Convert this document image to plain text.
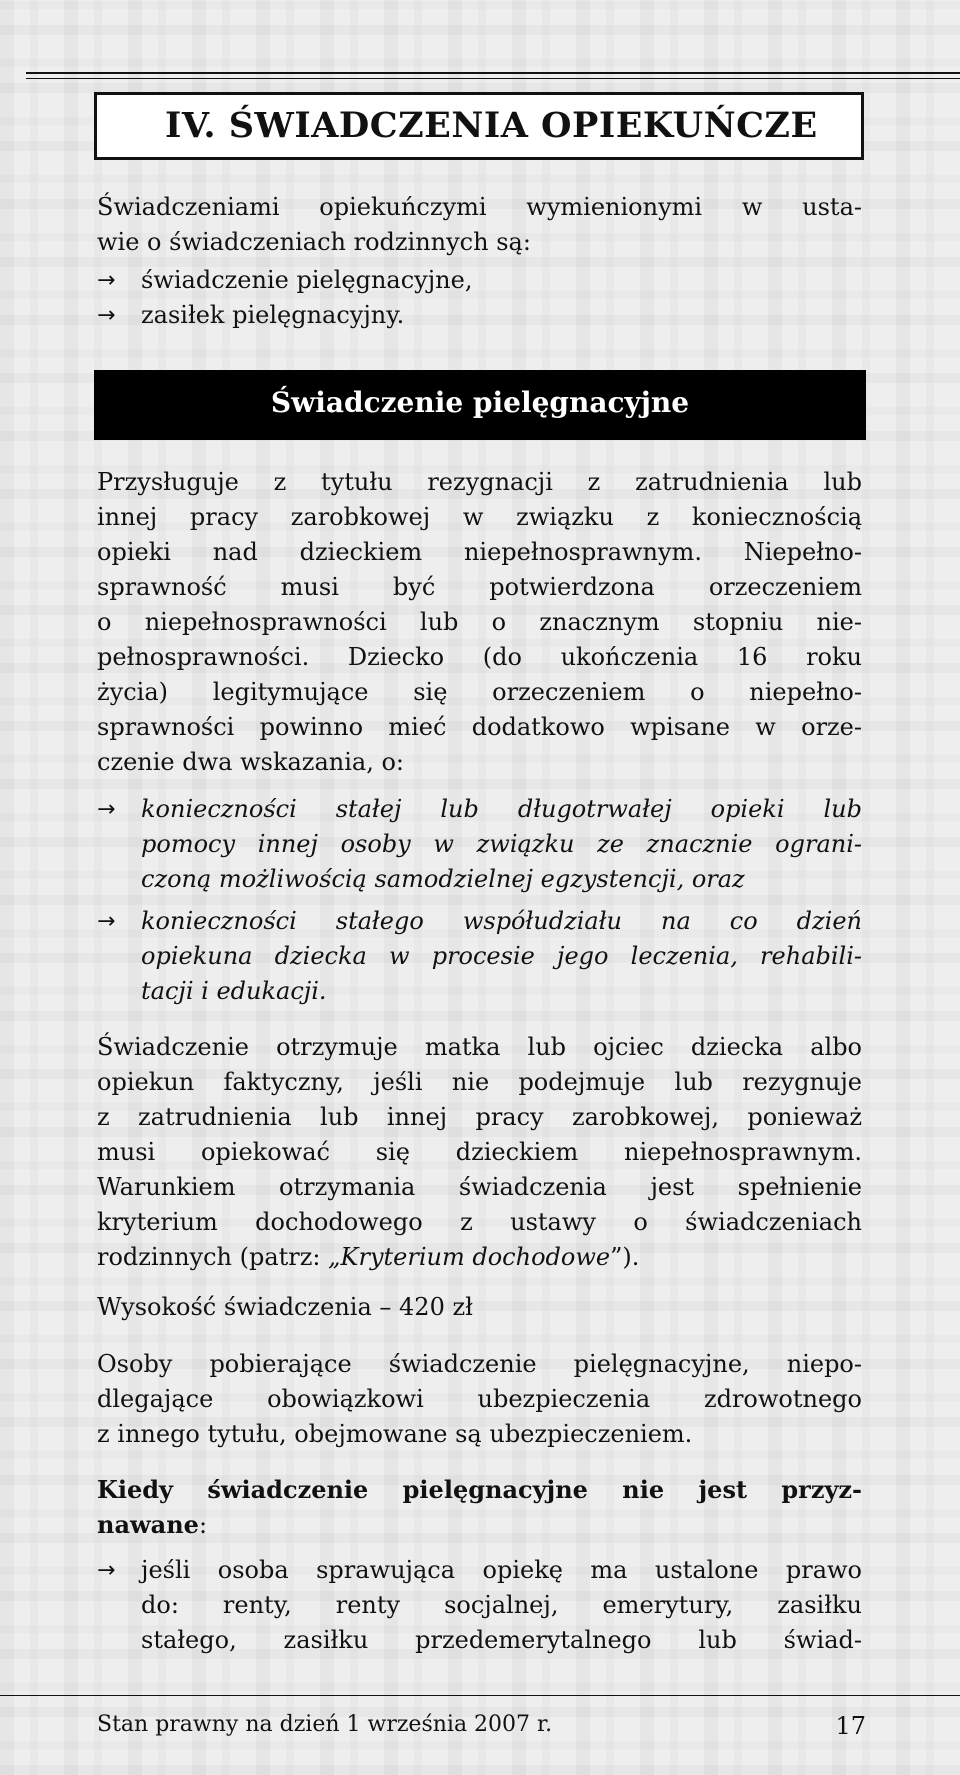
IV. ŚWIADCZENIA OPIEKUŃCZE
Świadczeniami opiekuńczymi wymienionymi w usta-
wie o świadczeniach rodzinnych są:
→	świadczenie pielęgnacyjne,
→	zasiłek pielęgnacyjny.
Świadczenie pielęgnacyjne
Przysługuje z tytułu rezygnacji z zatrudnienia lub
innej pracy zarobkowej w związku z koniecznością
opieki nad dzieckiem niepełnosprawnym. Niepełno-
sprawność musi być potwierdzona orzeczeniem
o niepełnosprawności lub o znacznym stopniu nie-
pełnosprawności. Dziecko (do ukończenia 16 roku
życia) legitymujące się orzeczeniem o niepełno-
sprawności powinno mieć dodatkowo wpisane w orze-
czenie dwa wskazania, o:
→	konieczności stałej lub długotrwałej opieki lub
pomocy innej osoby w związku ze znacznie ograni-
czoną możliwością samodzielnej egzystencji, oraz
→	konieczności stałego współudziału na co dzień
opiekuna dziecka w procesie jego leczenia, rehabili-
tacji i edukacji.
Świadczenie otrzymuje matka lub ojciec dziecka albo
opiekun faktyczny, jeśli nie podejmuje lub rezygnuje
z zatrudnienia lub innej pracy zarobkowej, ponieważ
musi opiekować się dzieckiem niepełnosprawnym.
Warunkiem otrzymania świadczenia jest spełnienie
kryterium dochodowego z ustawy o świadczeniach
rodzinnych (patrz: „Kryterium dochodowe”).
Wysokość świadczenia – 420 zł
Osoby pobierające świadczenie pielęgnacyjne, niepo-
dlegające obowiązkowi ubezpieczenia zdrowotnego
z innego tytułu, obejmowane są ubezpieczeniem.
Kiedy świadczenie pielęgnacyjne nie jest przyz-
nawane:
→	jeśli osoba sprawująca opiekę ma ustalone prawo
do: renty, renty socjalnej, emerytury, zasiłku
stałego, zasiłku przedemerytalnego lub świad-
Stan prawny na dzień 1 września 2007 r.	17
